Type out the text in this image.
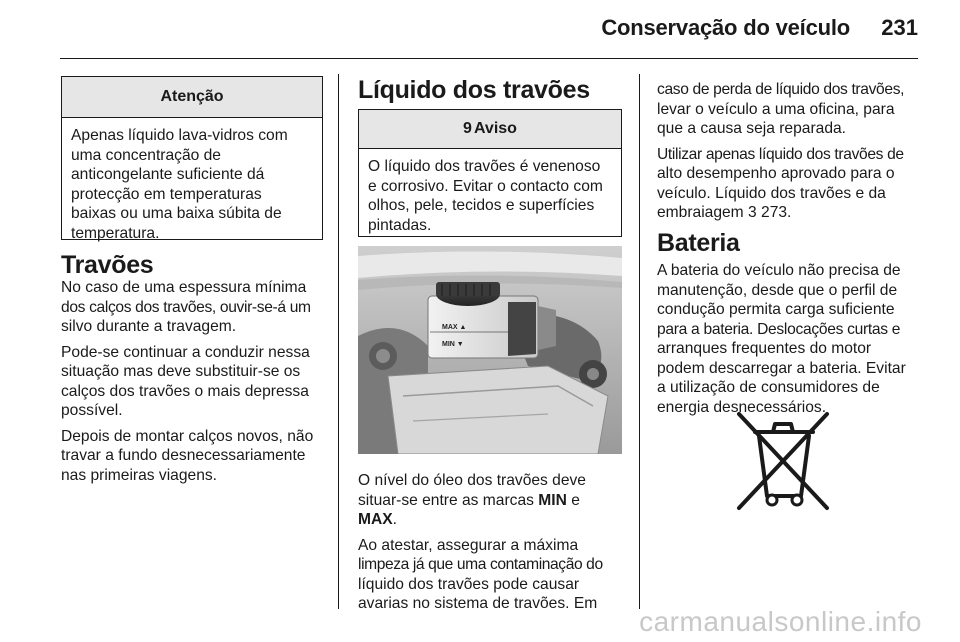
Conservação do veículo 231
Atenção
Apenas líquido lava-vidros com
uma concentração de
anticongelante suficiente dá
protecção em temperaturas
baixas ou uma baixa súbita de
temperatura.
Travões

No caso de uma espessura mínima
dos calços dos travões, ouvir-se-á um
silvo durante a travagem.

Pode-se continuar a conduzir nessa
situação mas deve substituir-se os
calços dos travões o mais depressa
possível.

Depois de montar calços novos, não
travar a fundo desnecessariamente
nas primeiras viagens.

Líquido dos travões
9 Aviso
O líquido dos travões é venenoso
e corrosivo. Evitar o contacto com
olhos, pele, tecidos e superfícies
pintadas.
MAX ▲
MIN ▼

O nível do óleo dos travões deve
situar-se entre as marcas MIN e
MAX.

Ao atestar, assegurar a máxima
limpeza já que uma contaminação do
líquido dos travões pode causar
avarias no sistema de travões. Em

caso de perda de líquido dos travões,
levar o veículo a uma oficina, para
que a causa seja reparada.

Utilizar apenas líquido dos travões de
alto desempenho aprovado para o
veículo. Líquido dos travões e da
embraiagem 3 273.

Bateria

A bateria do veículo não precisa de
manutenção, desde que o perfil de
condução permita carga suficiente
para a bateria. Deslocações curtas e
arranques frequentes do motor
podem descarregar a bateria. Evitar
a utilização de consumidores de
energia desnecessários.

carmanualsonline.info
